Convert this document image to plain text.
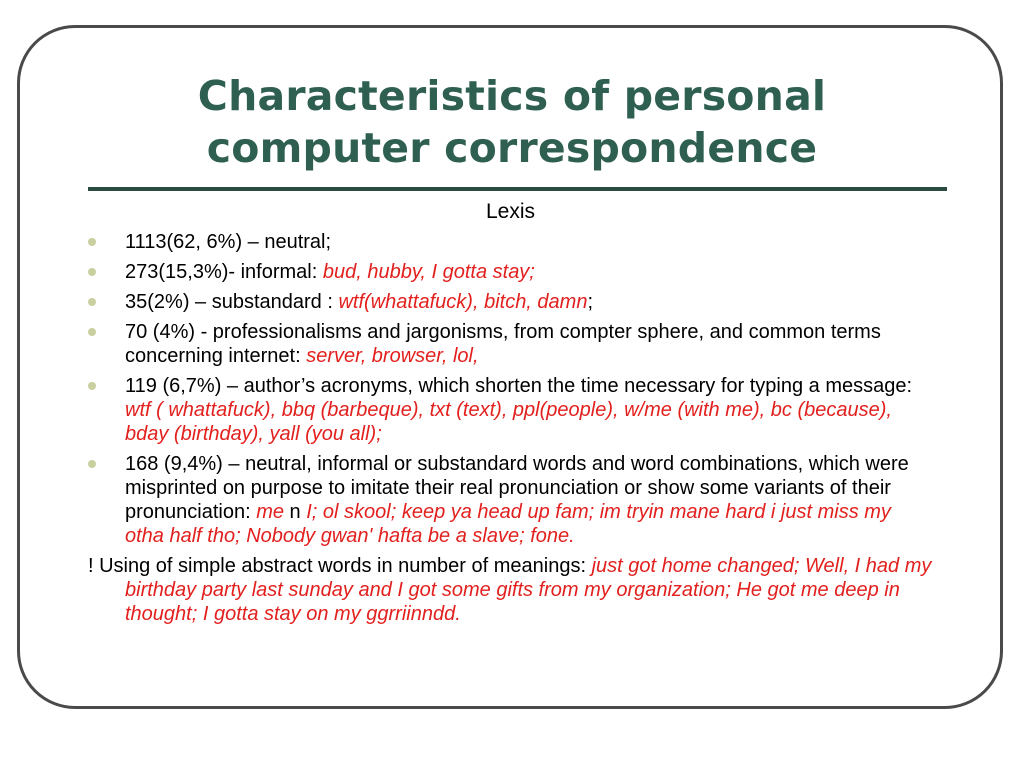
Characteristics of personal
computer correspondence
Lexis
1113(62, 6%) – neutral;
273(15,3%)- informal: bud, hubby, I gotta stay;
35(2%) – substandard : wtf(whattafuck), bitch, damn;
70 (4%) - professionalisms and jargonisms, from compter sphere, and common terms concerning internet: server, browser, lol,
119 (6,7%) – author’s acronyms, which shorten the time necessary for typing a message: wtf ( whattafuck), bbq (barbeque), txt (text), ppl(people), w/me (with me), bc (because), bday (birthday), yall (you all);
168 (9,4%) – neutral, informal or substandard words and word combinations, which were misprinted on purpose to imitate their real pronunciation or show some variants of their pronunciation: me n I; ol skool; keep ya head up fam; im tryin mane hard i just miss my otha half tho; Nobody gwan' hafta be a slave; fone.
! Using of simple abstract words in number of meanings: just got home changed; Well, I had my birthday party last sunday and I got some gifts from my organization; He got me deep in thought; I gotta stay on my ggrriinndd.
